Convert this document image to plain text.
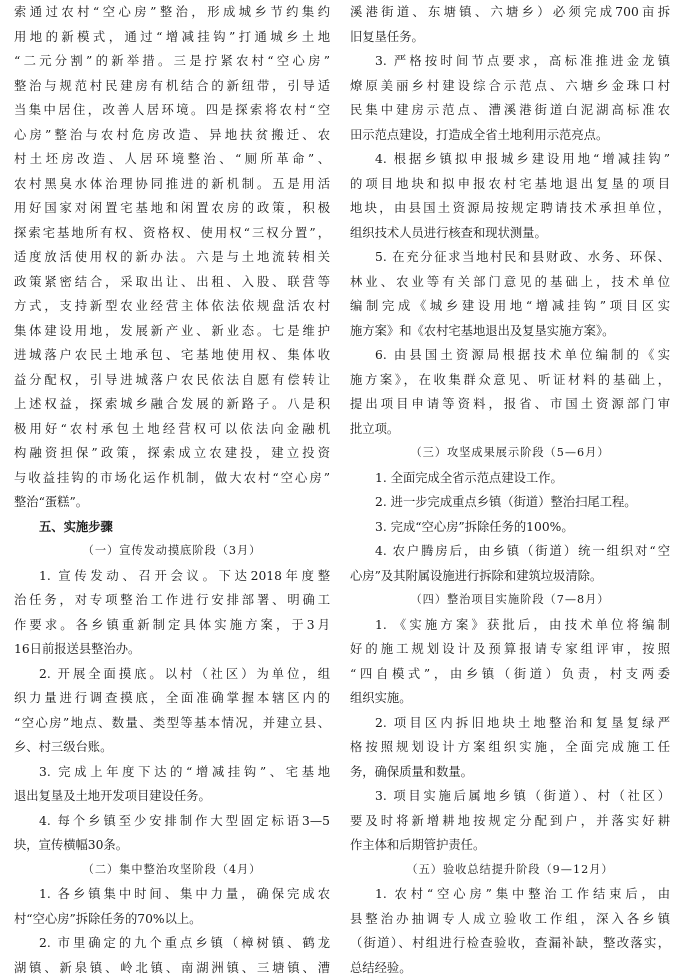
索通过农村“空心房”整治，形成城乡节约集约
用地的新模式，通过“增减挂钩”打通城乡土地
“二元分割”的新举措。三是拧紧农村“空心房”
整治与规范村民建房有机结合的新纽带，引导适
当集中居住，改善人居环境。四是探索将农村“空
心房”整治与农村危房改造、异地扶贫搬迁、农
村土坯房改造、人居环境整治、“厕所革命”、
农村黑臭水体治理协同推进的新机制。五是用活
用好国家对闲置宅基地和闲置农房的政策，积极
探索宅基地所有权、资格权、使用权“三权分置”，
适度放活使用权的新办法。六是与土地流转相关
政策紧密结合，采取出让、出租、入股、联营等
方式，支持新型农业经营主体依法依规盘活农村
集体建设用地，发展新产业、新业态。七是维护
进城落户农民土地承包、宅基地使用权、集体收
益分配权，引导进城落户农民依法自愿有偿转让
上述权益，探索城乡融合发展的新路子。八是积
极用好“农村承包土地经营权可以依法向金融机
构融资担保”政策，探索成立农建投，建立投资
与收益挂钩的市场化运作机制，做大农村“空心房”
整治“蛋糕”。
五、实施步骤
（一）宣传发动摸底阶段（3月）
1. 宣传发动、召开会议。下达2018年度整
治任务，对专项整治工作进行安排部署、明确工
作要求。各乡镇重新制定具体实施方案，于3月
16日前报送县整治办。
2. 开展全面摸底。以村（社区）为单位，组
织力量进行调查摸底，全面准确掌握本辖区内的
“空心房”地点、数量、类型等基本情况，并建立县、
乡、村三级台账。
3. 完成上年度下达的“增减挂钩”、宅基地
退出复垦及土地开发项目建设任务。
4. 每个乡镇至少安排制作大型固定标语3—5
块，宣传横幅30条。
（二）集中整治攻坚阶段（4月）
1. 各乡镇集中时间、集中力量，确保完成农
村“空心房”拆除任务的70%以上。
2. 市里确定的九个重点乡镇（樟树镇、鹤龙
湖镇、新泉镇、岭北镇、南湖洲镇、三塘镇、漕
溪港街道、东塘镇、六塘乡）必须完成700亩拆
旧复垦任务。
3. 严格按时间节点要求，高标准推进金龙镇
燎原美丽乡村建设综合示范点、六塘乡金珠口村
民集中建房示范点、漕溪港街道白泥湖高标准农
田示范点建设，打造成全省土地利用示范亮点。
4. 根据乡镇拟申报城乡建设用地“增减挂钩”
的项目地块和拟申报农村宅基地退出复垦的项目
地块，由县国土资源局按规定聘请技术承担单位，
组织技术人员进行核查和现状测量。
5. 在充分征求当地村民和县财政、水务、环保、
林业、农业等有关部门意见的基础上，技术单位
编制完成《城乡建设用地“增减挂钩”项目区实
施方案》和《农村宅基地退出及复垦实施方案》。
6. 由县国土资源局根据技术单位编制的《实
施方案》，在收集群众意见、听证材料的基础上，
提出项目申请等资料，报省、市国土资源部门审
批立项。
（三）攻坚成果展示阶段（5—6月）
1. 全面完成全省示范点建设工作。
2. 进一步完成重点乡镇（街道）整治扫尾工程。
3. 完成“空心房”拆除任务的100%。
4. 农户腾房后，由乡镇（街道）统一组织对“空
心房”及其附属设施进行拆除和建筑垃圾清除。
（四）整治项目实施阶段（7—8月）
1. 《实施方案》获批后，由技术单位将编制
好的施工规划设计及预算报请专家组评审，按照
“四自模式”，由乡镇（街道）负责，村支两委
组织实施。
2. 项目区内拆旧地块土地整治和复垦复绿严
格按照规划设计方案组织实施，全面完成施工任
务，确保质量和数量。
3. 项目实施后属地乡镇（街道）、村（社区）
要及时将新增耕地按规定分配到户，并落实好耕
作主体和后期管护责任。
（五）验收总结提升阶段（9—12月）
1. 农村“空心房”集中整治工作结束后，由
县整治办抽调专人成立验收工作组，深入各乡镇
（街道）、村组进行检查验收，查漏补缺，整改落实，
总结经验。
